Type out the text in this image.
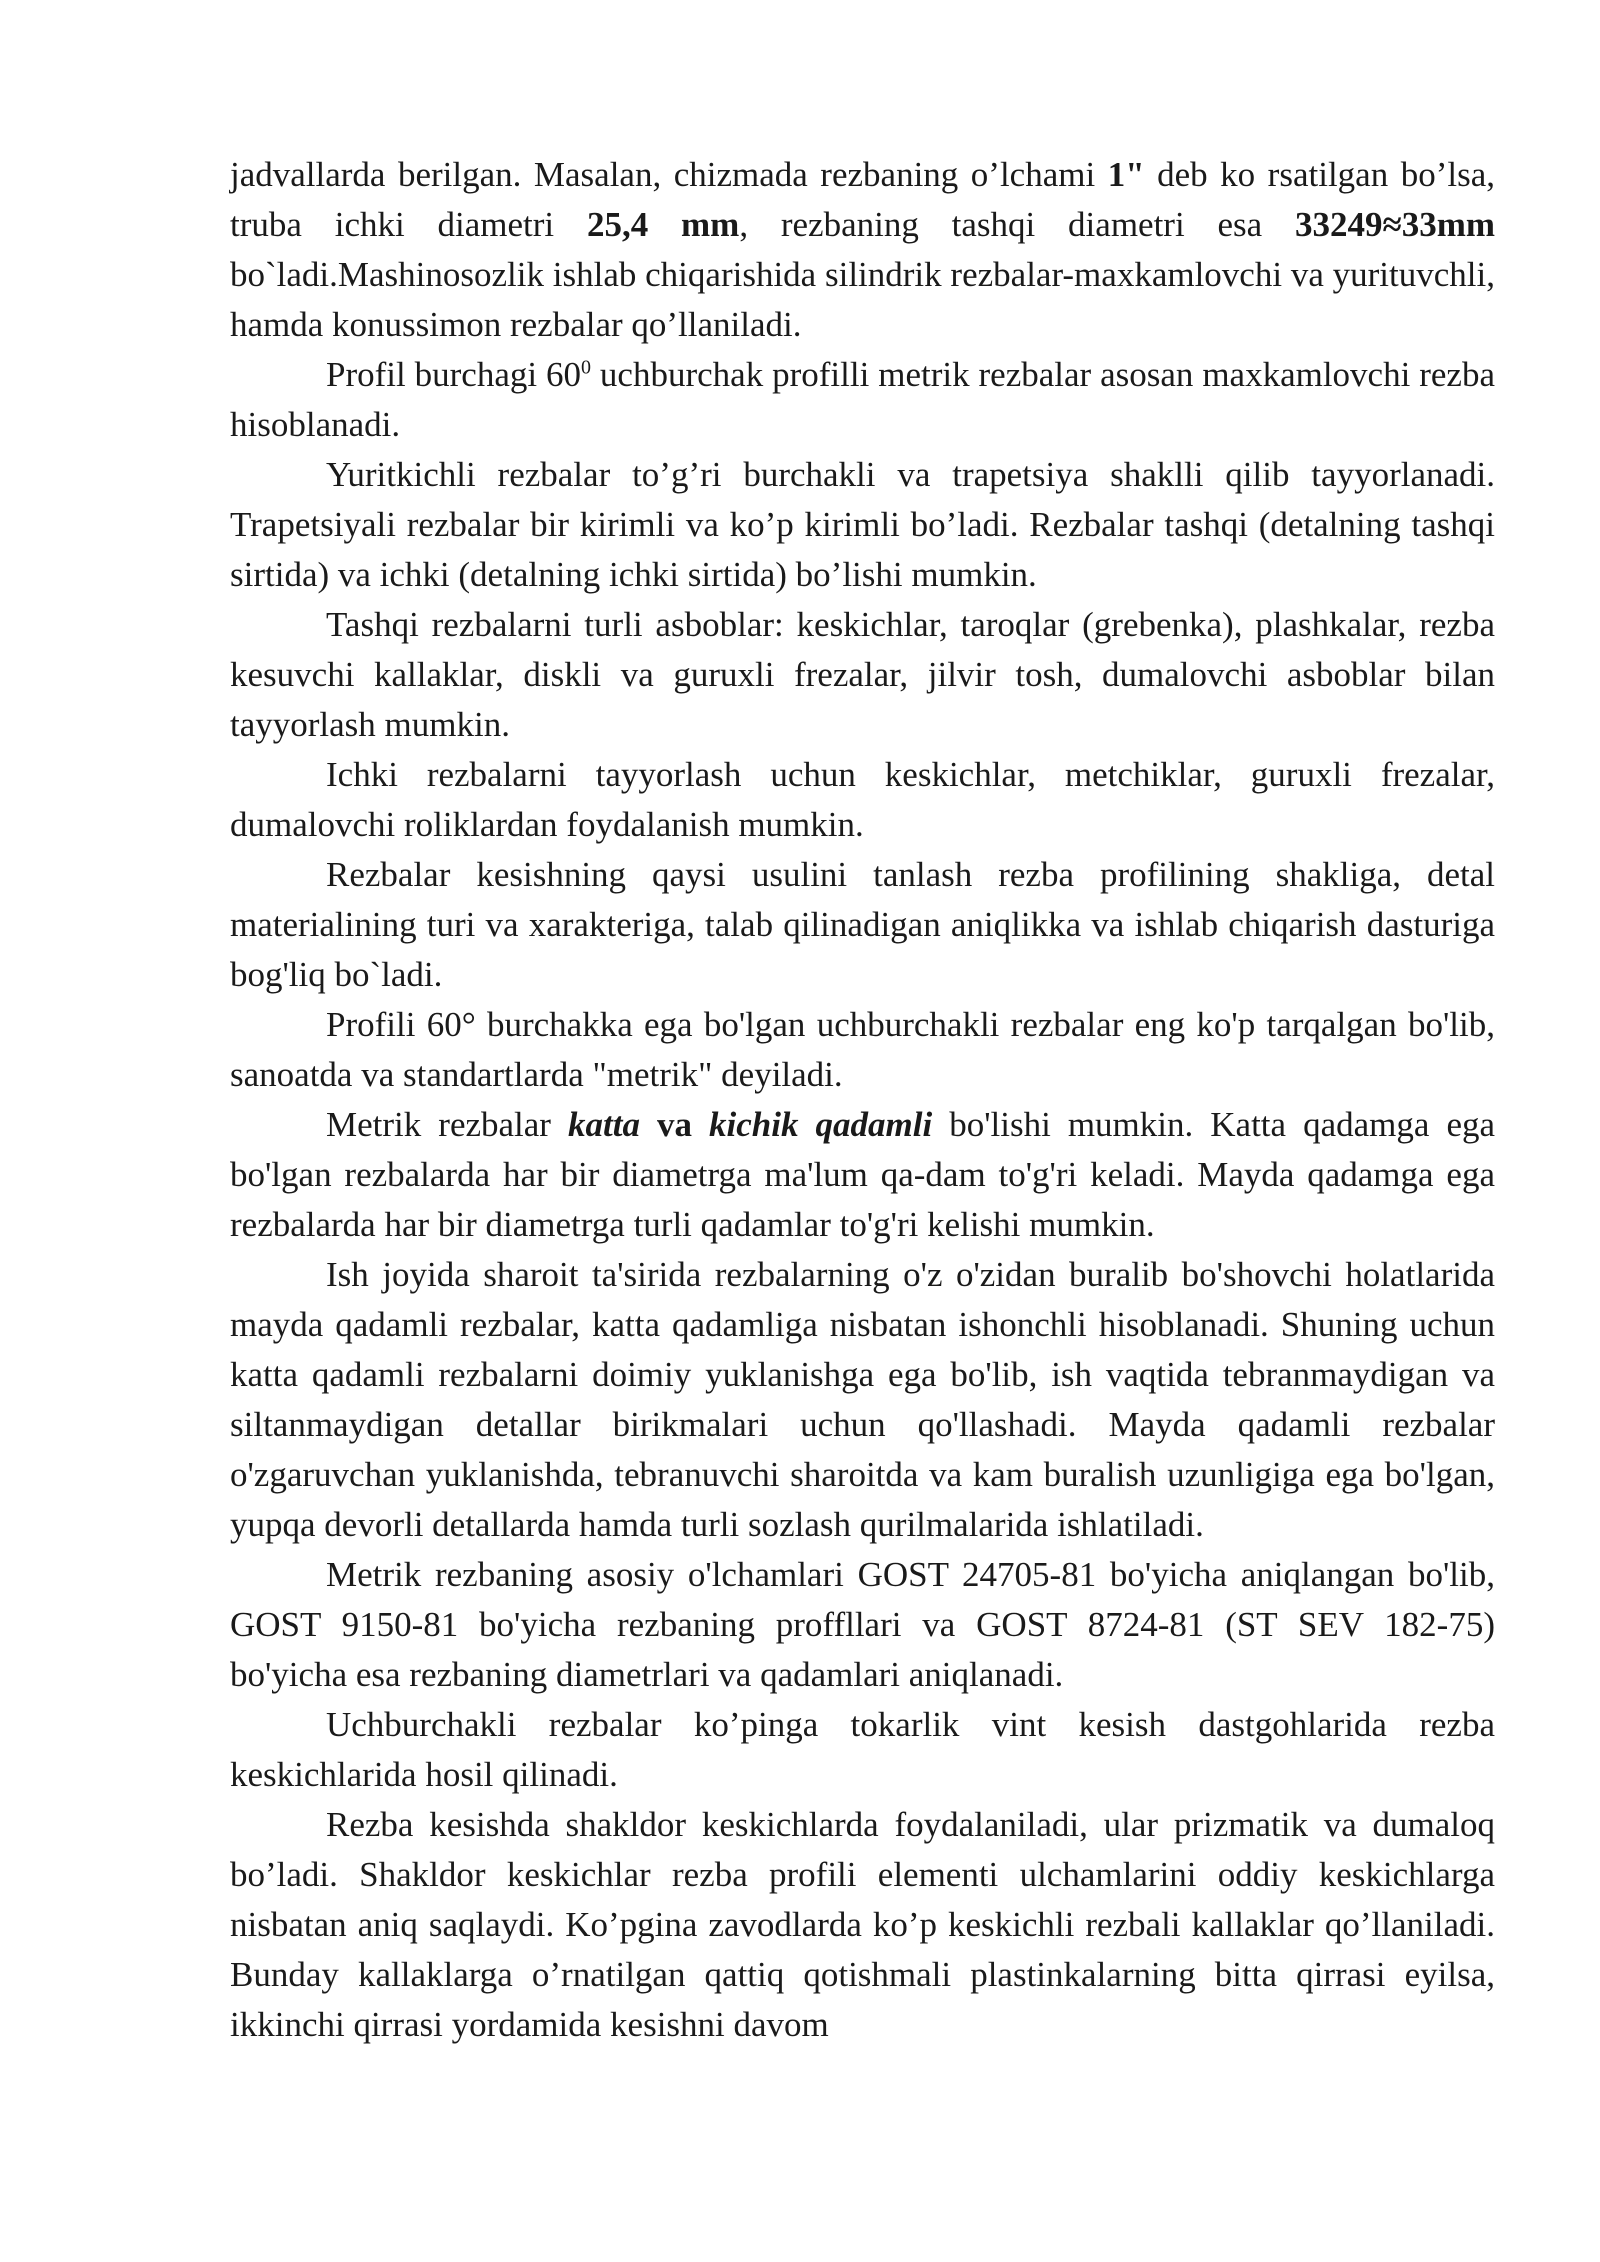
jadvallarda berilgan. Masalan, chizmada rezbaning o’lchami 1" deb ko rsatilgan bo’lsa, truba ichki diametri 25,4 mm, rezbaning tashqi diametri esa 33249≈33mm bo`ladi.Mashinosozlik ishlab chiqarishida silindrik rezbalar-maxkamlovchi va yurituvchli, hamda konussimon rezbalar qo’llaniladi.

Profil burchagi $60^0$ uchburchak profilli metrik rezbalar asosan maxkamlovchi rezba hisoblanadi.

Yuritkichli rezbalar to’g’ri burchakli va trapetsiya shaklli qilib tayyorlanadi. Trapetsiyali rezbalar bir kirimli va ko’p kirimli bo’ladi. Rezbalar tashqi (detalning tashqi sirtida) va ichki (detalning ichki sirtida) bo’lishi mumkin.

Tashqi rezbalarni turli asboblar: keskichlar, taroqlar (grebenka), plashkalar, rezba kesuvchi kallaklar, diskli va guruxli frezalar, jilvir tosh, dumalovchi asboblar bilan tayyorlash mumkin.

Ichki rezbalarni tayyorlash uchun keskichlar, metchiklar, guruxli frezalar, dumalovchi roliklardan foydalanish mumkin.

Rezbalar kesishning qaysi usulini tanlash rezba profilining shakliga, detal materialining turi va xarakteriga, talab qilinadigan aniqlikka va ishlab chiqarish dasturiga bog'liq bo`ladi.

Profili 60° burchakka ega bo'lgan uchburchakli rezbalar eng ko'p tarqalgan bo'lib, sanoatda va standartlarda "metrik" deyiladi.

Metrik rezbalar katta va kichik qadamli bo'lishi mumkin. Katta qadamga ega bo'lgan rezbalarda har bir diametrga ma'lum qa-dam to'g'ri keladi. Mayda qadamga ega rezbalarda har bir diametrga turli qadamlar to'g'ri kelishi mumkin.

Ish joyida sharoit ta'sirida rezbalarning o'z o'zidan buralib bo'shovchi holatlarida mayda qadamli rezbalar, katta qadamliga nisbatan ishonchli hisoblanadi. Shuning uchun katta qadamli rezbalarni doimiy yuklanishga ega bo'lib, ish vaqtida tebranmaydigan va siltanmaydigan detallar birikmalari uchun qo'llashadi. Mayda qadamli rezbalar o'zgaruvchan yuklanishda, tebranuvchi sharoitda va kam buralish uzunligiga ega bo'lgan, yupqa devorli detallarda hamda turli sozlash qurilmalarida ishlatiladi.

Metrik rezbaning asosiy o'lchamlari GOST 24705-81 bo'yicha aniqlangan bo'lib, GOST 9150-81 bo'yicha rezbaning proffllari va GOST 8724-81 (ST SEV 182-75) bo'yicha esa rezbaning diametrlari va qadamlari aniqlanadi.

Uchburchakli rezbalar ko’pinga tokarlik vint kesish dastgohlarida rezba keskichlarida hosil qilinadi.

Rezba kesishda shakldor keskichlarda foydalaniladi, ular prizmatik va dumaloq bo’ladi. Shakldor keskichlar rezba profili elementi ulchamlarini oddiy keskichlarga nisbatan aniq saqlaydi. Ko’pgina zavodlarda ko’p keskichli rezbali kallaklar qo’llaniladi. Bunday kallaklarga o’rnatilgan qattiq qotishmali plastinkalarning bitta qirrasi eyilsa, ikkinchi qirrasi yordamida kesishni davom
